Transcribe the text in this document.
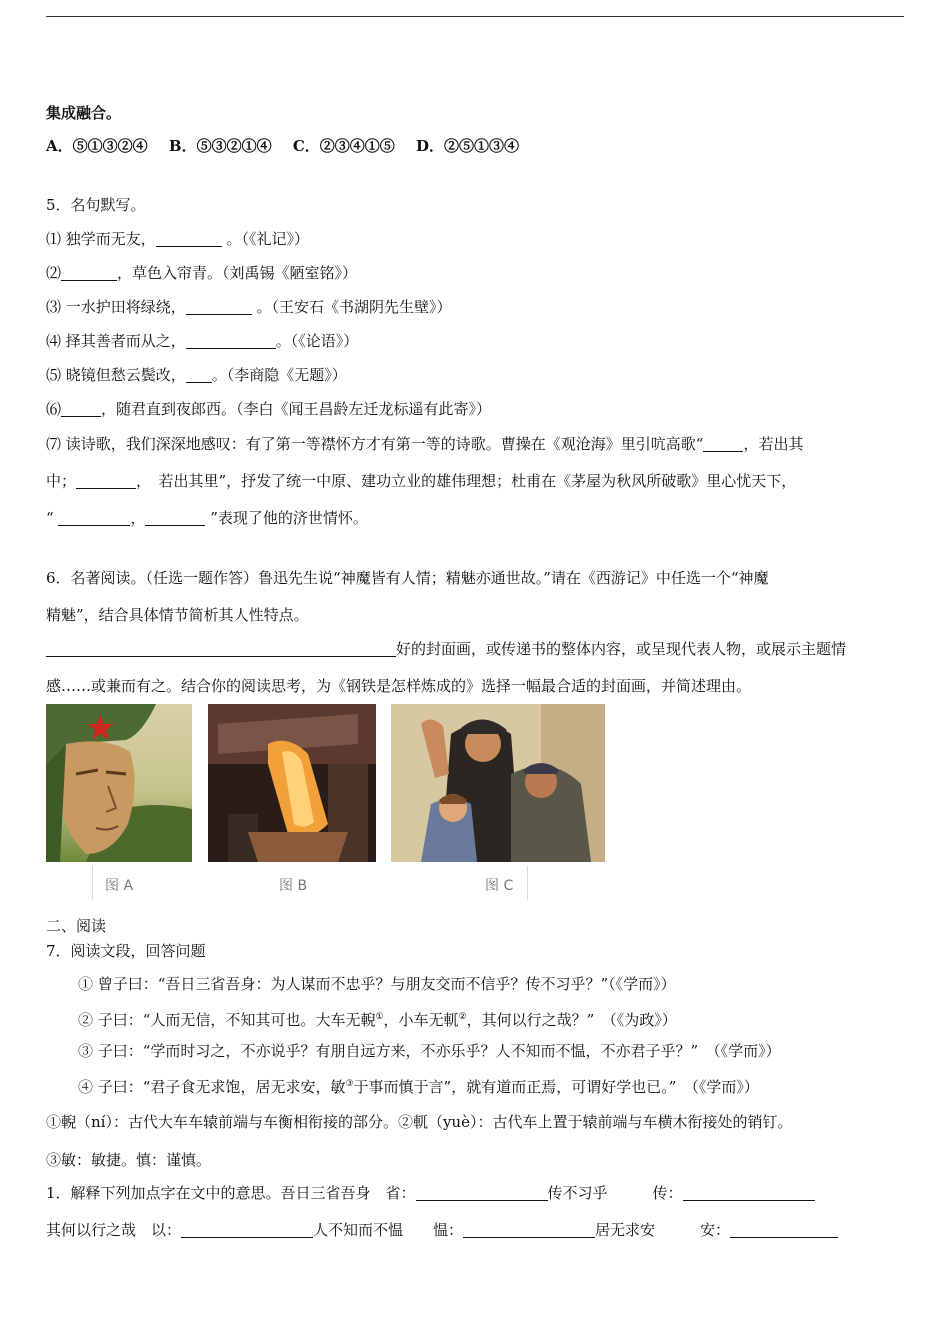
集成融合。
A．⑤①③②④ B．⑤③②①④ C．②③④①⑤ D．②⑤①③④
5．名句默写。
⑴ 独学而无友，	。（《礼记》）
⑵	，草色入帘青。（刘禹锡《陋室铭》）
⑶ 一水护田将绿绕，	。（王安石《书湖阴先生壁》）
⑷ 择其善者而从之，	。（《论语》）
⑸ 晓镜但愁云鬓改， 。（李商隐《无题》）
⑹	，随君直到夜郎西。（李白《闻王昌龄左迁龙标遥有此寄》）
⑺ 读诗歌，我们深深地感叹：有了第一等襟怀方才有第一等的诗歌。曹操在《观沧海》里引吭高歌“	，若出其
中；	，　若出其里”，抒发了统一中原、建功立业的雄伟理想；杜甫在《茅屋为秋风所破歌》里心忧天下，
“	，	”表现了他的济世情怀。
6．名著阅读。（任选一题作答）鲁迅先生说“神魔皆有人情；精魅亦通世故。”请在《西游记》中任选一个“神魔
精魅”，结合具体情节简析其人性特点。
好的封面画，或传递书的整体内容，或呈现代表人物，或展示主题情
感……或兼而有之。结合你的阅读思考，为《钢铁是怎样炼成的》选择一幅最合适的封面画，并简述理由。
图 A	图 B	图 C
二、阅读
7．阅读文段，回答问题
① 曾子曰：“吾日三省吾身：为人谋而不忠乎？与朋友交而不信乎？传不习乎？”（《学而》）
② 子曰：“人而无信，不知其可也。大车无輗①，小车无軏②，其何以行之哉？”　（《为政》）
③ 子曰：“学而时习之，不亦说乎？有朋自远方来，不亦乐乎？人不知而不愠，不亦君子乎？”　（《学而》）
④ 子曰：“君子食无求饱，居无求安，敏③于事而慎于言”，就有道而正焉，可谓好学也已。”　（《学而》）
①輗（ní）：古代大车车辕前端与车衡相衔接的部分。②軏（yuè）：古代车上置于辕前端与车横木衔接处的销钉。
③敏：敏捷。慎：谨慎。
1．解释下列加点字在文中的意思。吾日三省吾身　省：	传不习乎　　　传：
其何以行之哉　以：	人不知而不愠　　愠：	居无求安　　　安：
